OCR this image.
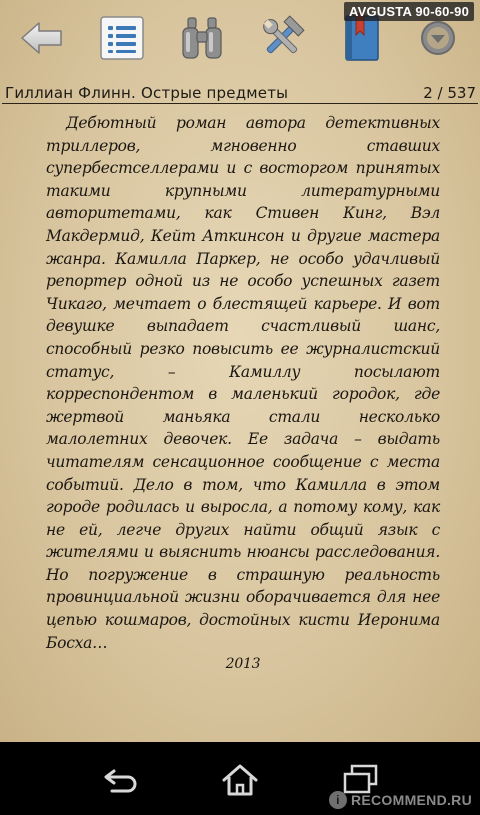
AVGUSTA 90-60-90
Гиллиан Флинн. Острые предметы	2 / 537

Дебютный роман автора детективных триллеров, мгновенно ставших супербестселлерами и с восторгом принятых такими крупными литературными авторитетами, как Стивен Кинг, Вэл Макдермид, Кейт Аткинсон и другие мастера жанра. Камилла Паркер, не особо удачливый репортер одной из не особо успешных газет Чикаго, мечтает о блестящей карьере. И вот девушке выпадает счастливый шанс, способный резко повысить ее журналистский статус, – Камиллу посылают корреспондентом в маленький городок, где жертвой маньяка стали несколько малолетних девочек. Ее задача – выдать читателям сенсационное сообщение с места событий. Дело в том, что Камилла в этом городе родилась и выросла, а потому кому, как не ей, легче других найти общий язык с жителями и выяснить нюансы расследования. Но погружение в страшную реальность провинциальной жизни оборачивается для нее цепью кошмаров, достойных кисти Иеронима Босха…

2013
i RECOMMEND.RU
